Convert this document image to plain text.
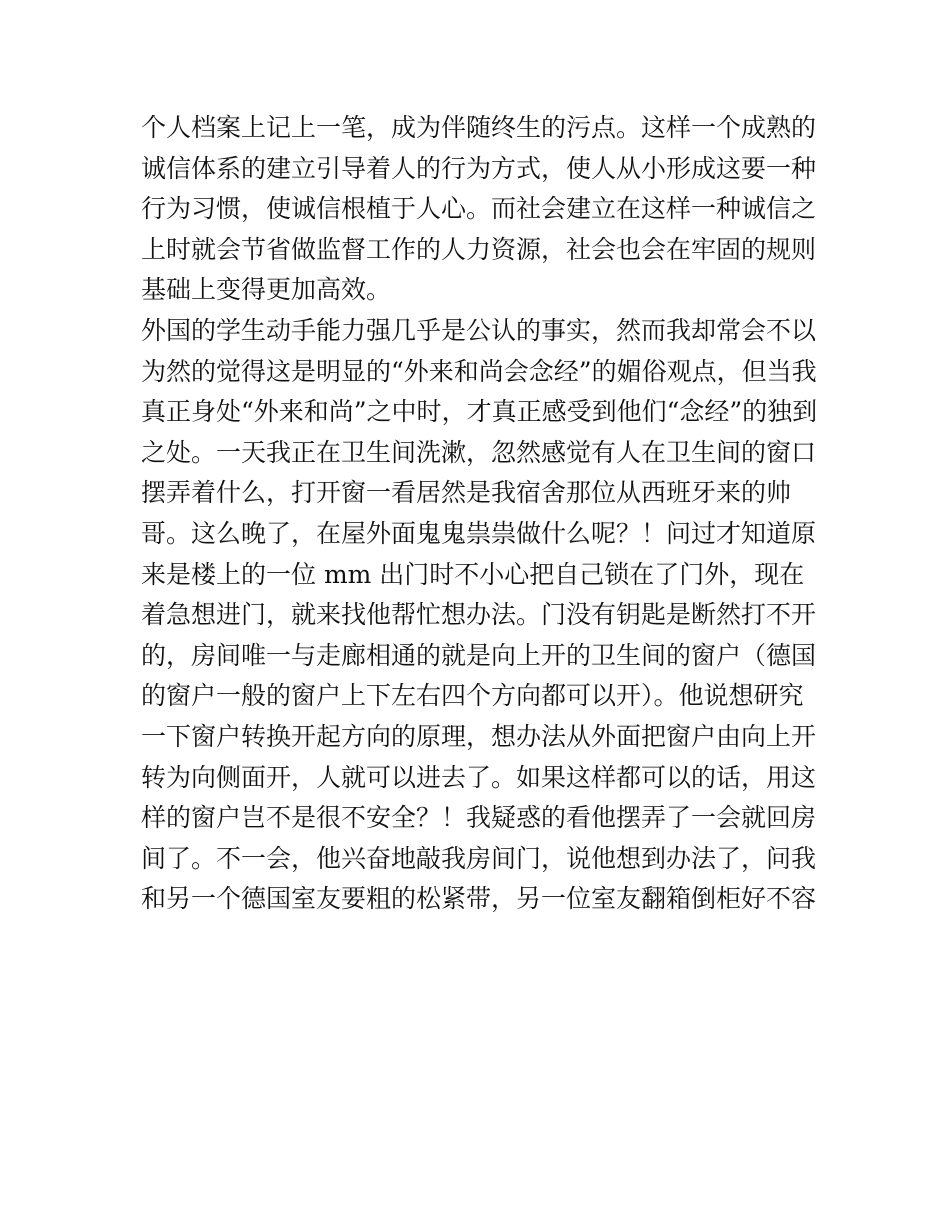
个人档案上记上一笔，成为伴随终生的污点。这样一个成熟的
诚信体系的建立引导着人的行为方式，使人从小形成这要一种
行为习惯，使诚信根植于人心。而社会建立在这样一种诚信之
上时就会节省做监督工作的人力资源，社会也会在牢固的规则
基础上变得更加高效。
外国的学生动手能力强几乎是公认的事实，然而我却常会不以
为然的觉得这是明显的“外来和尚会念经”的媚俗观点，但当我
真正身处“外来和尚”之中时，才真正感受到他们“念经”的独到
之处。一天我正在卫生间洗漱，忽然感觉有人在卫生间的窗口
摆弄着什么，打开窗一看居然是我宿舍那位从西班牙来的帅
哥。这么晚了，在屋外面鬼鬼祟祟做什么呢？！问过才知道原
来是楼上的一位 mm 出门时不小心把自己锁在了门外，现在
着急想进门，就来找他帮忙想办法。门没有钥匙是断然打不开
的，房间唯一与走廊相通的就是向上开的卫生间的窗户（德国
的窗户一般的窗户上下左右四个方向都可以开）。他说想研究
一下窗户转换开起方向的原理，想办法从外面把窗户由向上开
转为向侧面开，人就可以进去了。如果这样都可以的话，用这
样的窗户岂不是很不安全？！我疑惑的看他摆弄了一会就回房
间了。不一会，他兴奋地敲我房间门，说他想到办法了，问我
和另一个德国室友要粗的松紧带，另一位室友翻箱倒柜好不容
